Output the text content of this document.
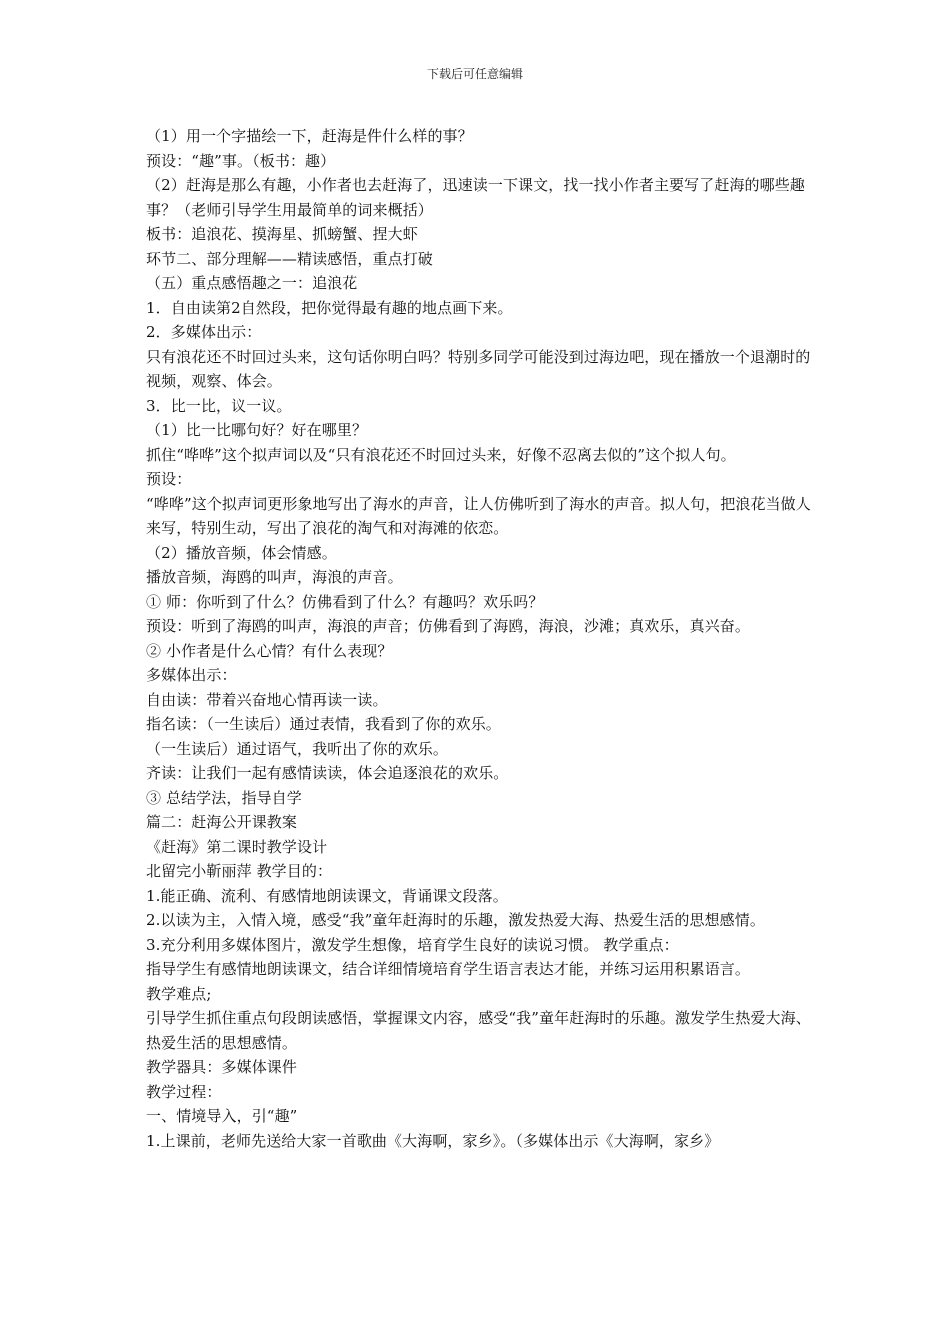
下载后可任意编辑

（1）用一个字描绘一下，赶海是件什么样的事？

预设：“趣”事。（板书：趣）

（2）赶海是那么有趣，小作者也去赶海了，迅速读一下课文，找一找小作者主要写了赶海的哪些趣事？（老师引导学生用最简单的词来概括）

板书：追浪花、摸海星、抓螃蟹、捏大虾

环节二、部分理解——精读感悟，重点打破

（五）重点感悟趣之一：追浪花

1．自由读第2自然段，把你觉得最有趣的地点画下来。

2．多媒体出示：

只有浪花还不时回过头来，这句话你明白吗？特别多同学可能没到过海边吧，现在播放一个退潮时的视频，观察、体会。

3．比一比，议一议。

（1）比一比哪句好？好在哪里？

抓住“哗哗”这个拟声词以及“只有浪花还不时回过头来，好像不忍离去似的”这个拟人句。

预设：

“哗哗”这个拟声词更形象地写出了海水的声音，让人仿佛听到了海水的声音。拟人句，把浪花当做人来写，特别生动，写出了浪花的淘气和对海滩的依恋。

（2）播放音频，体会情感。

播放音频，海鸥的叫声，海浪的声音。

① 师：你听到了什么？仿佛看到了什么？有趣吗？欢乐吗？

预设：听到了海鸥的叫声，海浪的声音；仿佛看到了海鸥，海浪，沙滩；真欢乐，真兴奋。

② 小作者是什么心情？有什么表现？

多媒体出示：

自由读：带着兴奋地心情再读一读。

指名读：（一生读后）通过表情，我看到了你的欢乐。

（一生读后）通过语气，我听出了你的欢乐。

齐读：让我们一起有感情读读，体会追逐浪花的欢乐。

③ 总结学法，指导自学

篇二：赶海公开课教案

《赶海》第二课时教学设计

北留完小靳丽萍 教学目的：

1.能正确、流利、有感情地朗读课文，背诵课文段落。

2.以读为主，入情入境，感受“我”童年赶海时的乐趣，激发热爱大海、热爱生活的思想感情。

3.充分利用多媒体图片，激发学生想像，培育学生良好的读说习惯。 教学重点：

指导学生有感情地朗读课文，结合详细情境培育学生语言表达才能，并练习运用积累语言。

教学难点;

引导学生抓住重点句段朗读感悟，掌握课文内容，感受“我”童年赶海时的乐趣。激发学生热爱大海、热爱生活的思想感情。

教学器具：多媒体课件

教学过程：

一、情境导入，引“趣”

1.上课前，老师先送给大家一首歌曲《大海啊，家乡》。（多媒体出示《大海啊，家乡》
